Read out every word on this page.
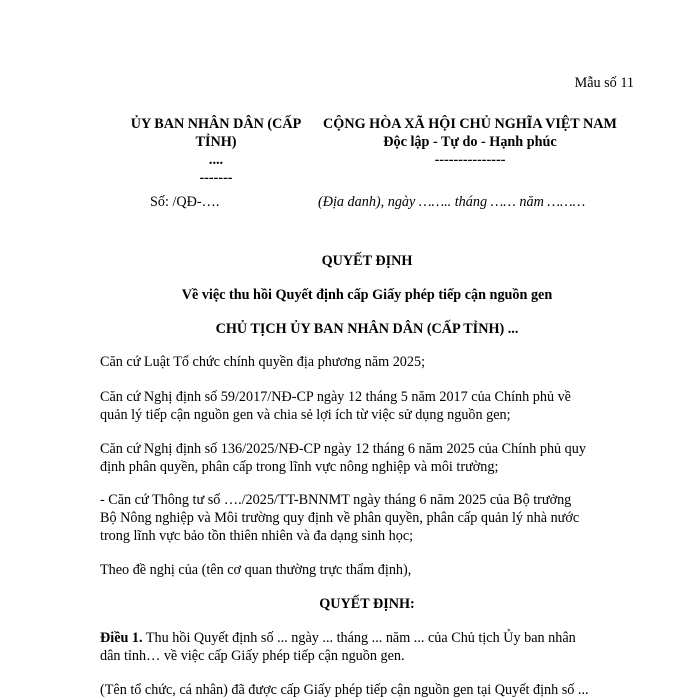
Mẫu số 11
ỦY BAN NHÂN DÂN (CẤP
TỈNH)
....
-------
CỘNG HÒA XÃ HỘI CHỦ NGHĨA VIỆT NAM
Độc lập - Tự do - Hạnh phúc
---------------
Số: /QĐ-….	(Địa danh), ngày …….. tháng …… năm ………
QUYẾT ĐỊNH
Về việc thu hồi Quyết định cấp Giấy phép tiếp cận nguồn gen
CHỦ TỊCH ỦY BAN NHÂN DÂN (CẤP TỈNH) ...
Căn cứ Luật Tổ chức chính quyền địa phương năm 2025;
Căn cứ Nghị định số 59/2017/NĐ-CP ngày 12 tháng 5 năm 2017 của Chính phủ về
quản lý tiếp cận nguồn gen và chia sẻ lợi ích từ việc sử dụng nguồn gen;
Căn cứ Nghị định số 136/2025/NĐ-CP ngày 12 tháng 6 năm 2025 của Chính phủ quy
định phân quyền, phân cấp trong lĩnh vực nông nghiệp và môi trường;
- Căn cứ Thông tư số …./2025/TT-BNNMT ngày tháng 6 năm 2025 của Bộ trưởng
Bộ Nông nghiệp và Môi trường quy định về phân quyền, phân cấp quản lý nhà nước
trong lĩnh vực bảo tồn thiên nhiên và đa dạng sinh học;
Theo đề nghị của (tên cơ quan thường trực thẩm định),
QUYẾT ĐỊNH:
Điều 1. Thu hồi Quyết định số ... ngày ... tháng ... năm ... của Chủ tịch Ủy ban nhân
dân tỉnh… về việc cấp Giấy phép tiếp cận nguồn gen.
(Tên tổ chức, cá nhân) đã được cấp Giấy phép tiếp cận nguồn gen tại Quyết định số ...
